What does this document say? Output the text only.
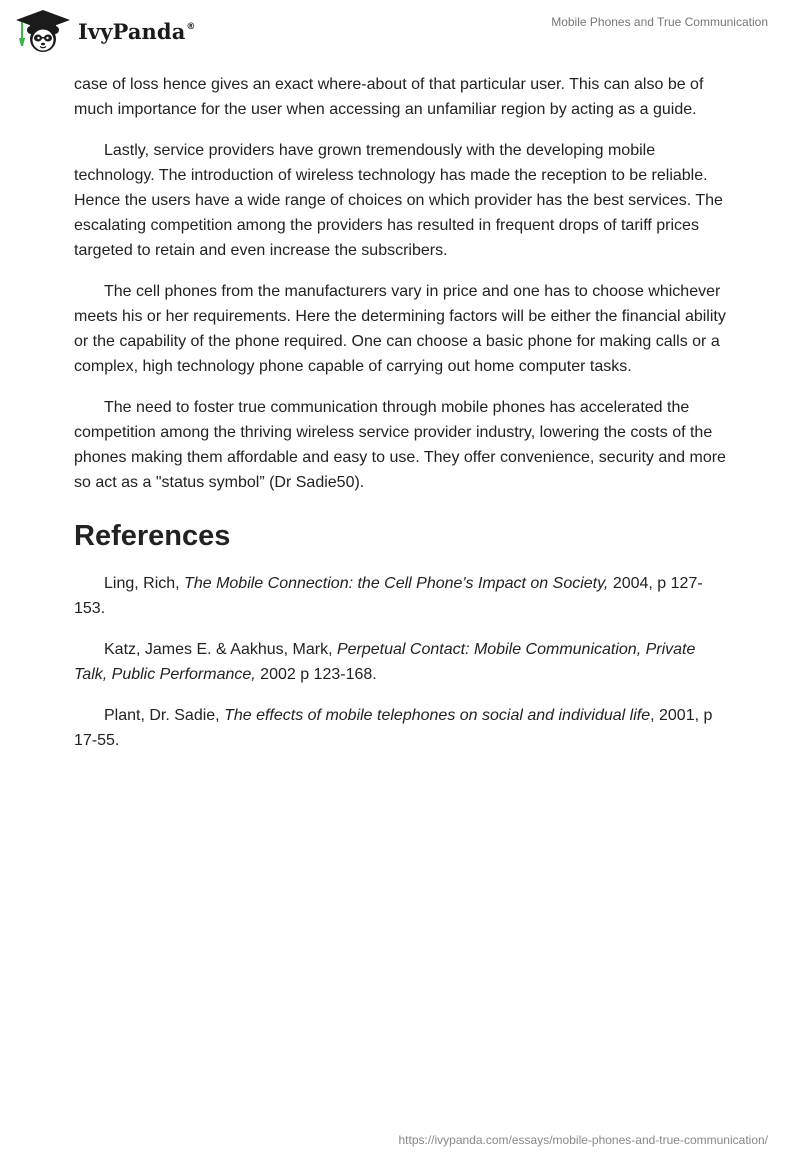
IvyPanda®	Mobile Phones and True Communication

case of loss hence gives an exact where-about of that particular user. This can also be of much importance for the user when accessing an unfamiliar region by acting as a guide.

Lastly, service providers have grown tremendously with the developing mobile technology. The introduction of wireless technology has made the reception to be reliable. Hence the users have a wide range of choices on which provider has the best services. The escalating competition among the providers has resulted in frequent drops of tariff prices targeted to retain and even increase the subscribers.

The cell phones from the manufacturers vary in price and one has to choose whichever meets his or her requirements. Here the determining factors will be either the financial ability or the capability of the phone required. One can choose a basic phone for making calls or a complex, high technology phone capable of carrying out home computer tasks.

The need to foster true communication through mobile phones has accelerated the competition among the thriving wireless service provider industry, lowering the costs of the phones making them affordable and easy to use. They offer convenience, security and more so act as a "status symbol” (Dr Sadie50).

References

Ling, Rich, The Mobile Connection: the Cell Phone's Impact on Society, 2004, p 127-153.

Katz, James E. & Aakhus, Mark, Perpetual Contact: Mobile Communication, Private Talk, Public Performance, 2002 p 123-168.

Plant, Dr. Sadie, The effects of mobile telephones on social and individual life, 2001, p 17-55.

https://ivypanda.com/essays/mobile-phones-and-true-communication/
